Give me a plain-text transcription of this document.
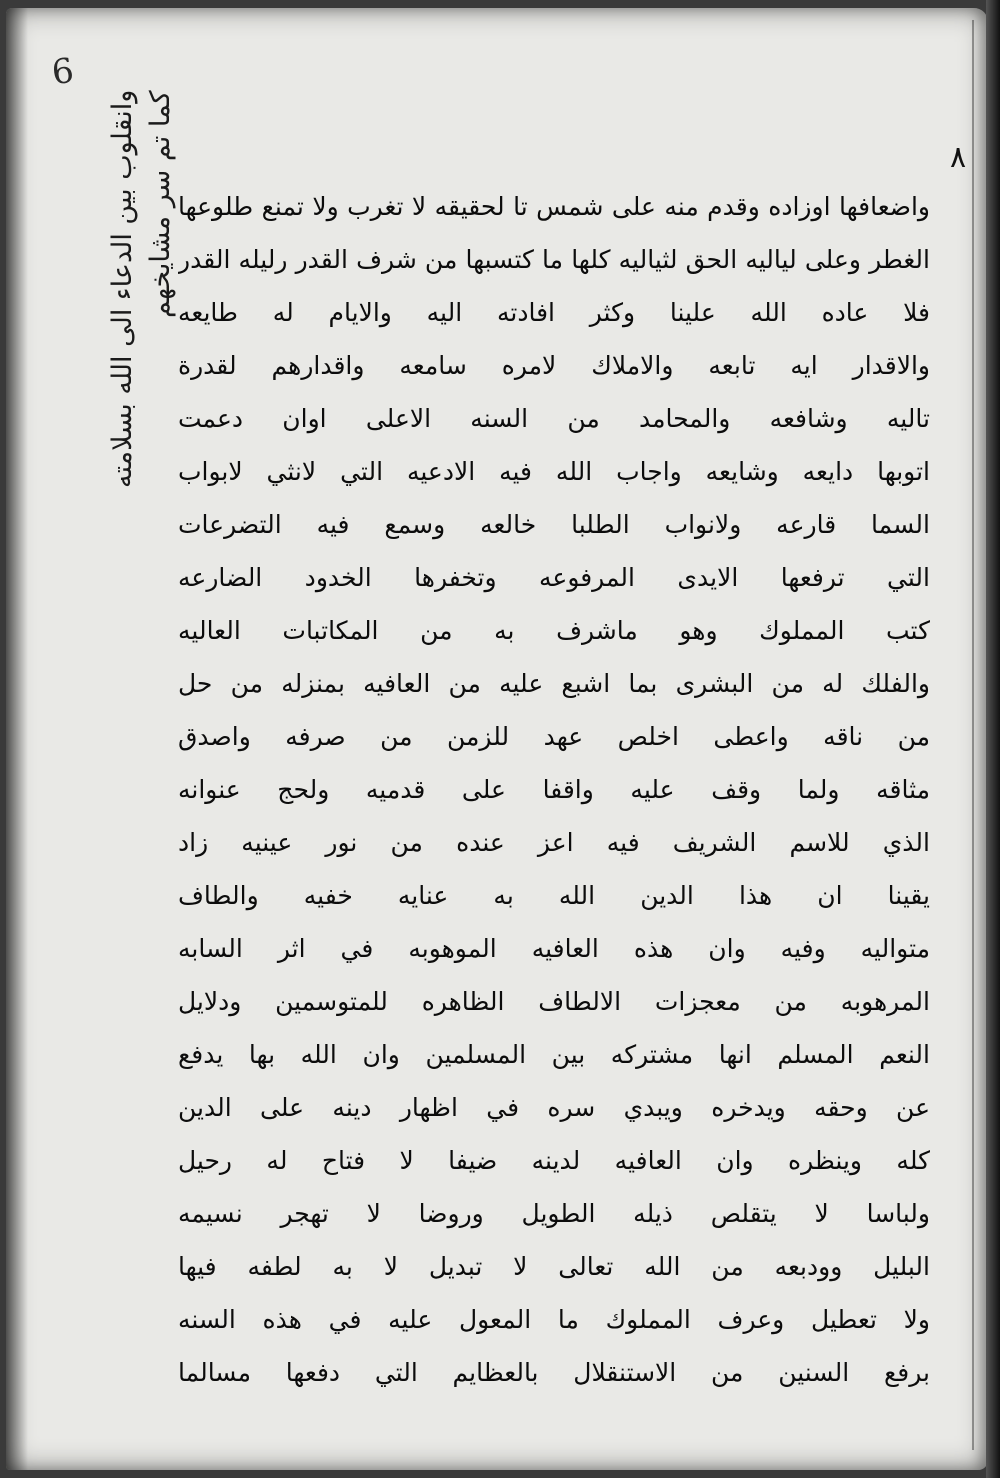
6
٨
وانقلوب بين الدعاء الى الله بسلامته كما تم سر مشايخهم واضعافها اوزاده وقدم منه على شمس تا لحقيقه لا تغرب ولا تمنع طلوعها
الغطر وعلى لياليه الحق لثياليه كلها ما كتسبها من شرف القدر رليله القدر
فلا عاده الله علينا وكثر افادته اليه والايام له طايعه
والاقدار ايه تابعه والاملاك لامره سامعه واقدارهم لقدرة
تاليه وشافعه والمحامد من السنه الاعلى اوان دعمت
اتوبها دايعه وشايعه واجاب الله فيه الادعيه التي لانثي لابواب
السما قارعه ولانواب الطلبا خالعه وسمع فيه التضرعات
التي ترفعها الايدى المرفوعه وتخفرها الخدود الضارعه
كتب المملوك وهو ماشرف به من المكاتبات العاليه
والفلك له من البشرى بما اشبع عليه من العافيه بمنزله من حل
من ناقه واعطى اخلص عهد للزمن من صرفه واصدق
مثاقه ولما وقف عليه واقفا على قدميه ولحج عنوانه
الذي للاسم الشريف فيه اعز عنده من نور عينيه زاد
يقينا ان هذا الدين الله به عنايه خفيه والطاف
متواليه وفيه وان هذه العافيه الموهوبه في اثر السابه
المرهوبه من معجزات الالطاف الظاهره للمتوسمين ودلايل
النعم المسلم انها مشتركه بين المسلمين وان الله بها يدفع
عن وحقه ويدخره ويبدي سره في اظهار دينه على الدين
كله وينظره وان العافيه لدينه ضيفا لا فتاح له رحيل
ولباسا لا يتقلص ذيله الطويل وروضا لا تهجر نسيمه
البليل وودبعه من الله تعالى لا تبديل لا به لطفه فيها
ولا تعطيل وعرف المملوك ما المعول عليه في هذه السنه
برفع السنين من الاستنقلال بالعظايم التي دفعها مسالما
